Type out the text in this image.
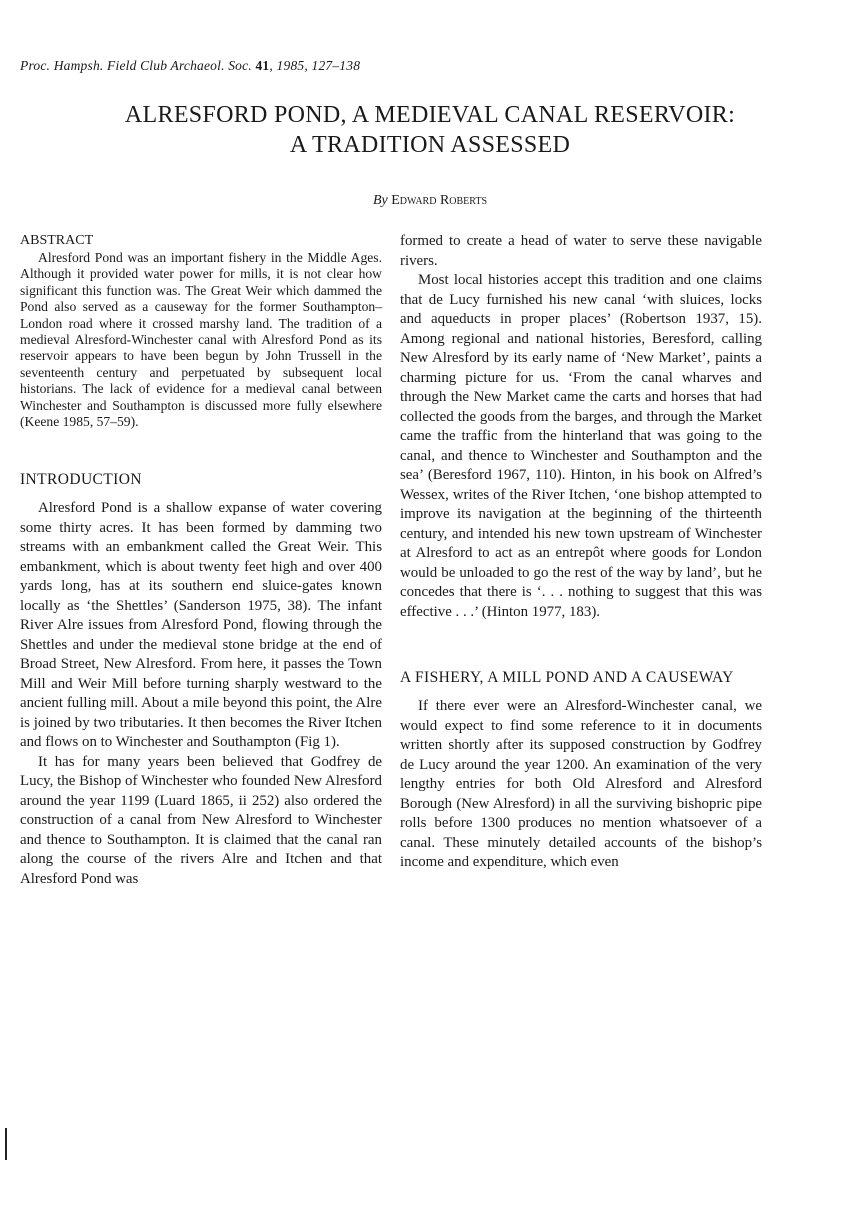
Proc. Hampsh. Field Club Archaeol. Soc. 41, 1985, 127–138
ALRESFORD POND, A MEDIEVAL CANAL RESERVOIR:
A TRADITION ASSESSED
By Edward Roberts
ABSTRACT

Alresford Pond was an important fishery in the Middle Ages. Although it provided water power for mills, it is not clear how significant this function was. The Great Weir which dammed the Pond also served as a causeway for the former Southampton–London road where it crossed marshy land. The tradition of a medieval Alresford-Winchester canal with Alresford Pond as its reservoir appears to have been begun by John Trussell in the seventeenth century and perpetuated by subsequent local historians. The lack of evidence for a medieval canal between Winchester and Southampton is discussed more fully elsewhere (Keene 1985, 57–59).

INTRODUCTION

Alresford Pond is a shallow expanse of water covering some thirty acres. It has been formed by damming two streams with an embankment called the Great Weir. This embankment, which is about twenty feet high and over 400 yards long, has at its southern end sluice-gates known locally as ‘the Shettles’ (Sanderson 1975, 38). The infant River Alre issues from Alresford Pond, flowing through the Shettles and under the medieval stone bridge at the end of Broad Street, New Alresford. From here, it passes the Town Mill and Weir Mill before turning sharply westward to the ancient fulling mill. About a mile beyond this point, the Alre is joined by two tributaries. It then becomes the River Itchen and flows on to Winchester and Southampton (Fig 1).

It has for many years been believed that Godfrey de Lucy, the Bishop of Winchester who founded New Alresford around the year 1199 (Luard 1865, ii 252) also ordered the construction of a canal from New Alresford to Winchester and thence to Southampton. It is claimed that the canal ran along the course of the rivers Alre and Itchen and that Alresford Pond was

formed to create a head of water to serve these navigable rivers.

Most local histories accept this tradition and one claims that de Lucy furnished his new canal ‘with sluices, locks and aqueducts in proper places’ (Robertson 1937, 15). Among regional and national histories, Beresford, calling New Alresford by its early name of ‘New Market’, paints a charming picture for us. ‘From the canal wharves and through the New Market came the carts and horses that had collected the goods from the barges, and through the Market came the traffic from the hinterland that was going to the canal, and thence to Winchester and Southampton and the sea’ (Beresford 1967, 110). Hinton, in his book on Alfred’s Wessex, writes of the River Itchen, ‘one bishop attempted to improve its navigation at the beginning of the thirteenth century, and intended his new town upstream of Winchester at Alresford to act as an entrepôt where goods for London would be unloaded to go the rest of the way by land’, but he concedes that there is ‘. . . nothing to suggest that this was effective . . .’ (Hinton 1977, 183).

A FISHERY, A MILL POND AND A CAUSEWAY

If there ever were an Alresford-Winchester canal, we would expect to find some reference to it in documents written shortly after its supposed construction by Godfrey de Lucy around the year 1200. An examination of the very lengthy entries for both Old Alresford and Alresford Borough (New Alresford) in all the surviving bishopric pipe rolls before 1300 produces no mention whatsoever of a canal. These minutely detailed accounts of the bishop’s income and expenditure, which even
